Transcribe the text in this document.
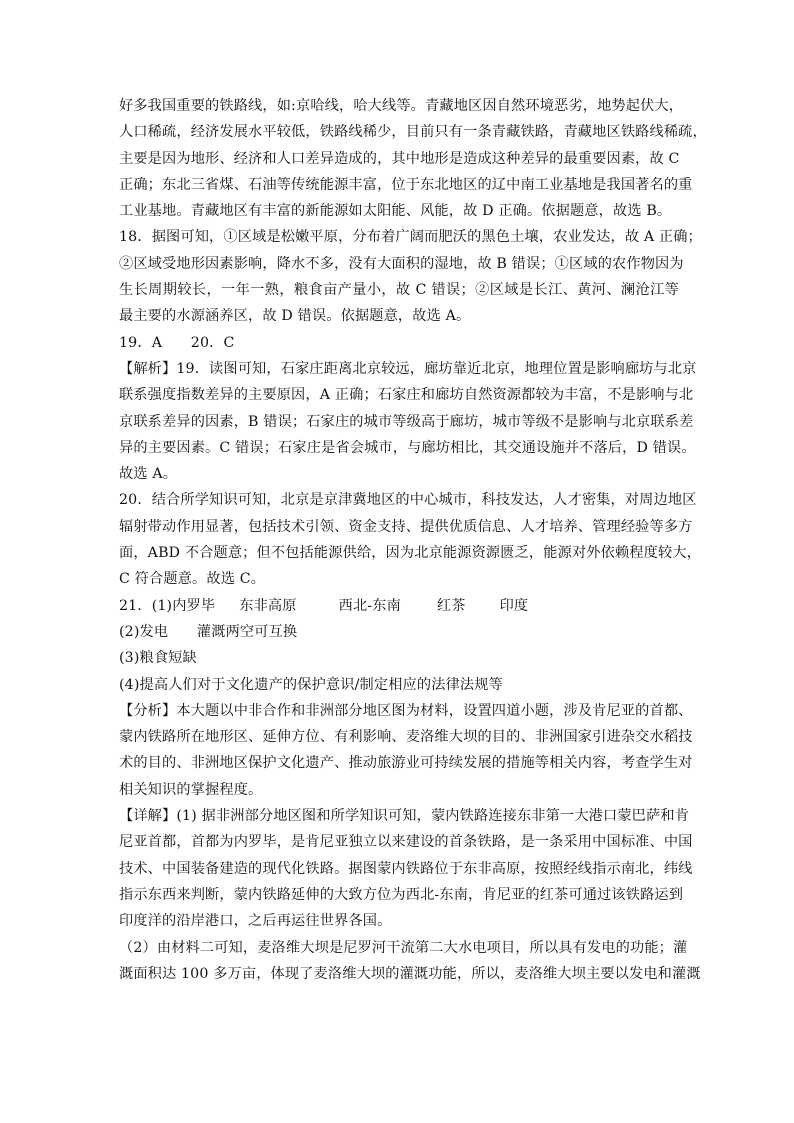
好多我国重要的铁路线，如:京哈线，哈大线等。青藏地区因自然环境恶劣，地势起伏大，
人口稀疏，经济发展水平较低，铁路线稀少，目前只有一条青藏铁路，青藏地区铁路线稀疏，
主要是因为地形、经济和人口差异造成的，其中地形是造成这种差异的最重要因素，故 C
正确；东北三省煤、石油等传统能源丰富，位于东北地区的辽中南工业基地是我国著名的重
工业基地。青藏地区有丰富的新能源如太阳能、风能，故 D 正确。依据题意，故选 B。
18．据图可知，①区域是松嫩平原，分布着广阔而肥沃的黑色土壤，农业发达，故 A 正确；
②区域受地形因素影响，降水不多，没有大面积的湿地，故 B 错误；①区域的农作物因为
生长周期较长，一年一熟，粮食亩产量小，故 C 错误；②区域是长江、黄河、澜沧江等
最主要的水源涵养区，故 D 错误。依据题意，故选 A。
19．A　　20．C
【解析】19．读图可知，石家庄距离北京较远，廊坊靠近北京，地理位置是影响廊坊与北京
联系强度指数差异的主要原因，A 正确；石家庄和廊坊自然资源都较为丰富，不是影响与北
京联系差异的因素，B 错误；石家庄的城市等级高于廊坊，城市等级不是影响与北京联系差
异的主要因素。C 错误；石家庄是省会城市，与廊坊相比，其交通设施并不落后，D 错误。
故选 A。
20．结合所学知识可知，北京是京津冀地区的中心城市，科技发达，人才密集，对周边地区
辐射带动作用显著，包括技术引领、资金支持、提供优质信息、人才培养、管理经验等多方
面，ABD 不合题意；但不包括能源供给，因为北京能源资源匮乏，能源对外依赖程度较大，
C 符合题意。故选 C。
21．(1)内罗毕 东非高原	西北-东南	红茶 印度
(2)发电　　灌溉两空可互换
(3)粮食短缺
(4)提高人们对于文化遗产的保护意识/制定相应的法律法规等
【分析】本大题以中非合作和非洲部分地区图为材料，设置四道小题，涉及肯尼亚的首都、
蒙内铁路所在地形区、延伸方位、有利影响、麦洛维大坝的目的、非洲国家引进杂交水稻技
术的目的、非洲地区保护文化遗产、推动旅游业可持续发展的措施等相关内容，考查学生对
相关知识的掌握程度。
【详解】(1) 据非洲部分地区图和所学知识可知，蒙内铁路连接东非第一大港口蒙巴萨和肯
尼亚首都，首都为内罗毕，是肯尼亚独立以来建设的首条铁路，是一条采用中国标准、中国
技术、中国装备建造的现代化铁路。据图蒙内铁路位于东非高原，按照经线指示南北，纬线
指示东西来判断，蒙内铁路延伸的大致方位为西北-东南，肯尼亚的红茶可通过该铁路运到
印度洋的沿岸港口，之后再运往世界各国。
（2）由材料二可知，麦洛维大坝是尼罗河干流第二大水电项目，所以具有发电的功能；灌
溉面积达 100 多万亩，体现了麦洛维大坝的灌溉功能，所以，麦洛维大坝主要以发电和灌溉
